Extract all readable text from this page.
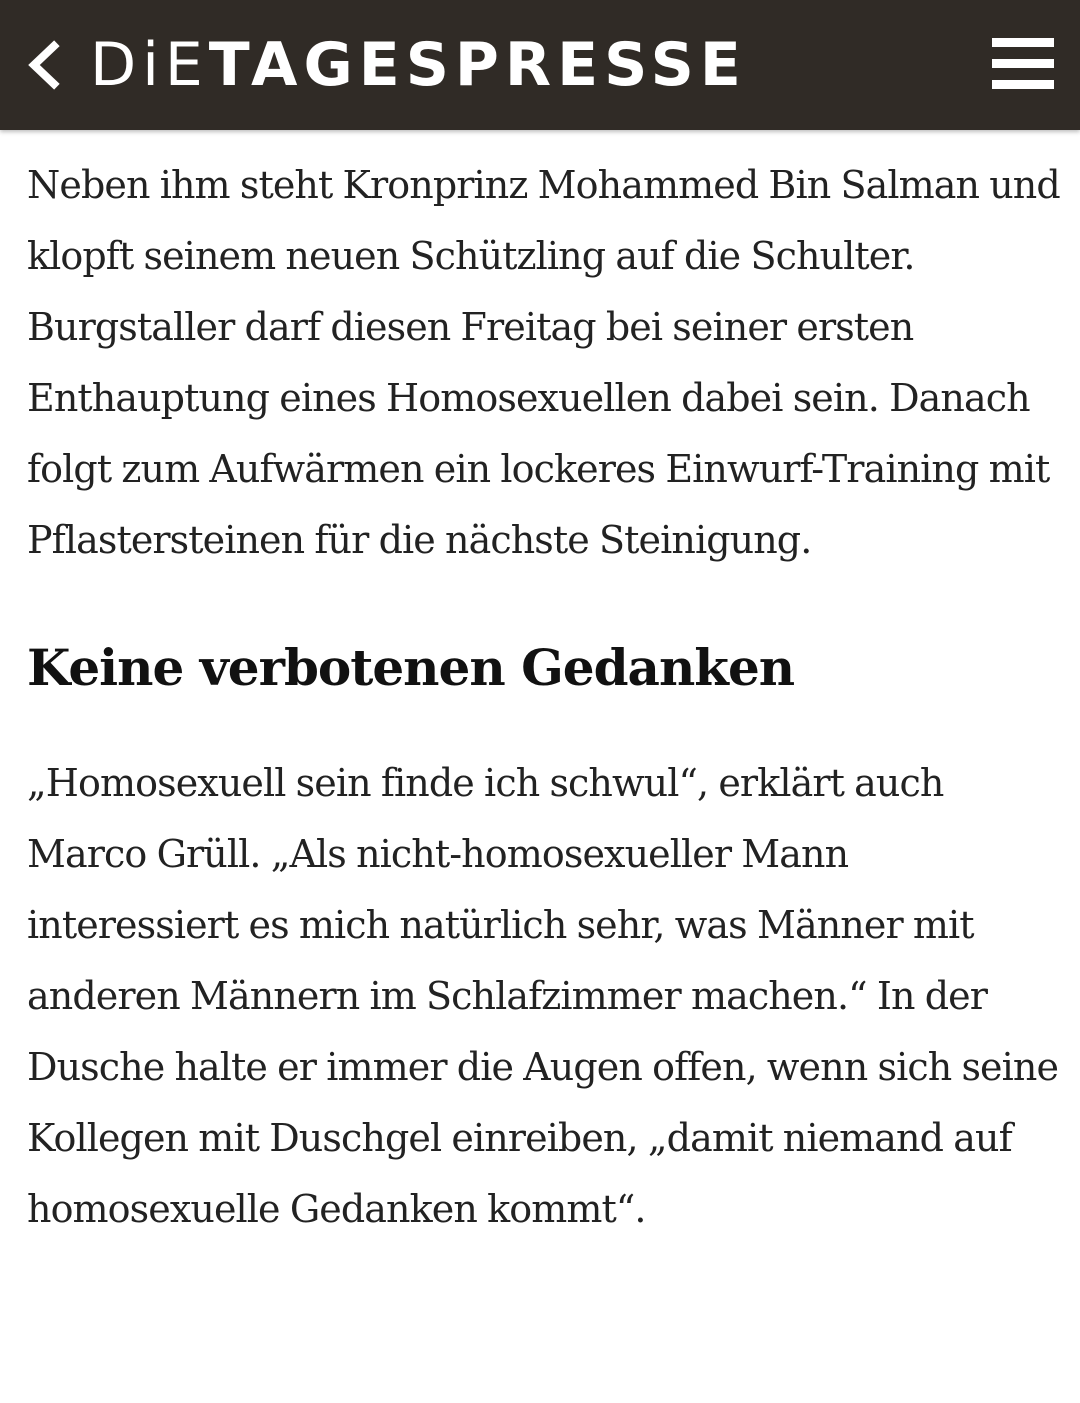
DiETAGESPRESSE

Neben ihm steht Kronprinz Mohammed Bin Salman und klopft seinem neuen Schützling auf die Schulter. Burgstaller darf diesen Freitag bei seiner ersten Enthauptung eines Homosexuellen dabei sein. Danach folgt zum Aufwärmen ein lockeres Einwurf-Training mit Pflastersteinen für die nächste Steinigung.

Keine verbotenen Gedanken

„Homosexuell sein finde ich schwul“, erklärt auch Marco Grüll. „Als nicht-homosexueller Mann interessiert es mich natürlich sehr, was Männer mit anderen Männern im Schlafzimmer machen.“ In der Dusche halte er immer die Augen offen, wenn sich seine Kollegen mit Duschgel einreiben, „damit niemand auf homosexuelle Gedanken kommt“.
